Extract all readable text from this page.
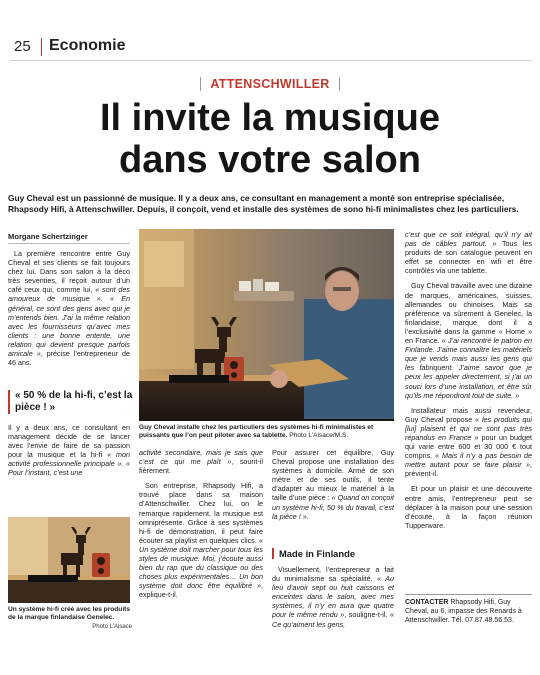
25 Economie
ATTENSCHWILLER
Il invite la musique
dans votre salon

Guy Cheval est un passionné de musique. Il y a deux ans, ce consultant en management a monté son entreprise spécialisée, Rhapsody Hifi, à Attenschwiller. Depuis, il conçoit, vend et installe des systèmes de sono hi-fi minimalistes chez les particuliers.

Morgane Schertzinger

La première rencontre entre Guy Cheval et ses clients se fait toujours chez lui. Dans son salon à la déco très seventies, il reçoit autour d’un café ceux qui, comme lui, « sont des amoureux de musique ». « En général, ce sont des gens avec qui je m’entends bien. J’ai la même relation avec les fournisseurs qu’avec mes clients : une bonne entente, une relation qui devient presque parfois amicale », précise l’entrepreneur de 46 ans.

« 50 % de la hi-fi, c’est la pièce ! »

Il y a deux ans, ce consultant en management décide de se lancer avec l’envie de faire de sa passion pour la musique et la hi-fi « mon activité professionnelle principale ». « Pour l’instant, c’est une

Guy Cheval installe chez les particuliers des systèmes hi-fi minimalistes et puissants que l’on peut piloter avec sa tablette. Photo L’Alsace/M.S.

activité secondaire, mais je sais que c’est ce qui me plaît », sourit-il fièrement.

Son entreprise, Rhapsody Hifi, a trouvé place dans sa maison d’Attenschwiller. Chez lui, on le remarque rapidement, la musique est omniprésente. Grâce à ses systèmes hi-fi de démonstration, il peut faire écouter sa playlist en quelques clics. « Un système doit marcher pour tous les styles de musique. Moi, j’écoute aussi bien du rap que du classique ou des choses plus expérimentales… Un bon système doit donc être équilibré », explique-t-il.

Pour assurer cet équilibre, Guy Cheval propose une installation des systèmes à domicile. Armé de son mètre et de ses outils, il tente d’adapter au mieux le matériel à la taille d’une pièce : « Quand on conçoit un système hi-fi, 50 % du travail, c’est la pièce ! ».

Made in Finlande

Visuellement, l’entrepreneur a fait du minimalisme sa spécialité. « Au lieu d’avoir sept ou huit caissons et enceintes dans le salon, avec mes systèmes, il n’y en aura que quatre pour le même rendu », souligne-t-il. « Ce qu’aiment les gens,

c’est que ce soit intégral, qu’il n’y ait pas de câbles partout. » Tous les produits de son catalogue peuvent en effet se connecter en wifi et être contrôlés via une tablette.

Guy Cheval travaille avec une dizaine de marques, américaines, suisses, allemandes ou chinoises. Mais sa préférence va sûrement à Genelec, la finlandaise, marque dont il a l’exclusivité dans la gamme « Home » en France. « J’ai rencontré le patron en Finlande. J’aime connaître les matériels que je vends mais aussi les gens qui les fabriquent. J’aime savoir que je peux les appeler directement, si j’ai un souci lors d’une installation, et être sûr qu’ils me répondront tout de suite. »

Installateur mais aussi revendeur, Guy Cheval propose « les produits qui [lui] plaisent et qui ne sont pas très répandus en France » pour un budget qui varie entre 600 et 30 000 € tout compris. « Mais il n’y a pas besoin de mettre autant pour se faire plaisir », prévient-il.

Et pour un plaisir et une découverte entre amis, l’entrepreneur peut se déplacer à la maison pour une session d’écoute, à la façon réunion Tupperware.

CONTACTER Rhapsody Hifi, Guy Cheval, au 6, impasse des Renards à Attenschwiller. Tél. 07.87.48.56.53.
Un système hi-fi créé avec les produits de la marque finlandaise Genelec.
Photo L’Alsace
